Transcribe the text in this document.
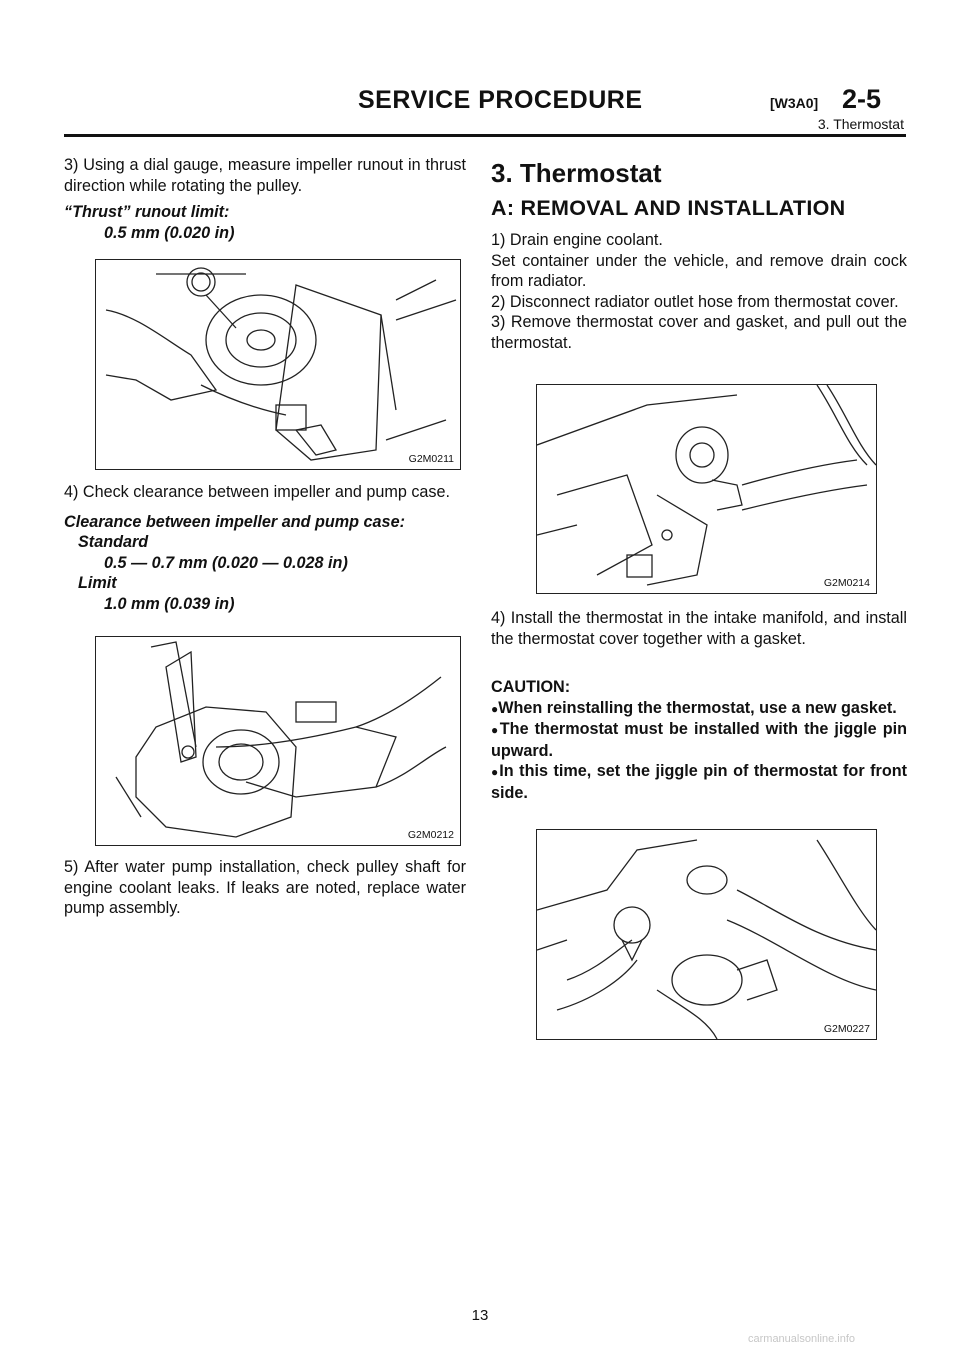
SERVICE PROCEDURE	[W3A0] 2-5
3. Thermostat

3) Using a dial gauge, measure impeller runout in thrust direction while rotating the pulley.

“Thrust” runout limit:

0.5 mm (0.020 in)

G2M0211

4) Check clearance between impeller and pump case.

Clearance between impeller and pump case:

Standard

0.5 — 0.7 mm (0.020 — 0.028 in)

Limit

1.0 mm (0.039 in)

G2M0212

5) After water pump installation, check pulley shaft for engine coolant leaks. If leaks are noted, replace water pump assembly.

3. Thermostat
A: REMOVAL AND INSTALLATION

1) Drain engine coolant.

Set container under the vehicle, and remove drain cock from radiator.

2) Disconnect radiator outlet hose from thermostat cover.

3) Remove thermostat cover and gasket, and pull out the thermostat.

G2M0214

4) Install the thermostat in the intake manifold, and install the thermostat cover together with a gasket.

CAUTION:

●When reinstalling the thermostat, use a new gasket.

●The thermostat must be installed with the jiggle pin upward.

●In this time, set the jiggle pin of thermostat for front side.

G2M0227
13
carmanualsonline.info
